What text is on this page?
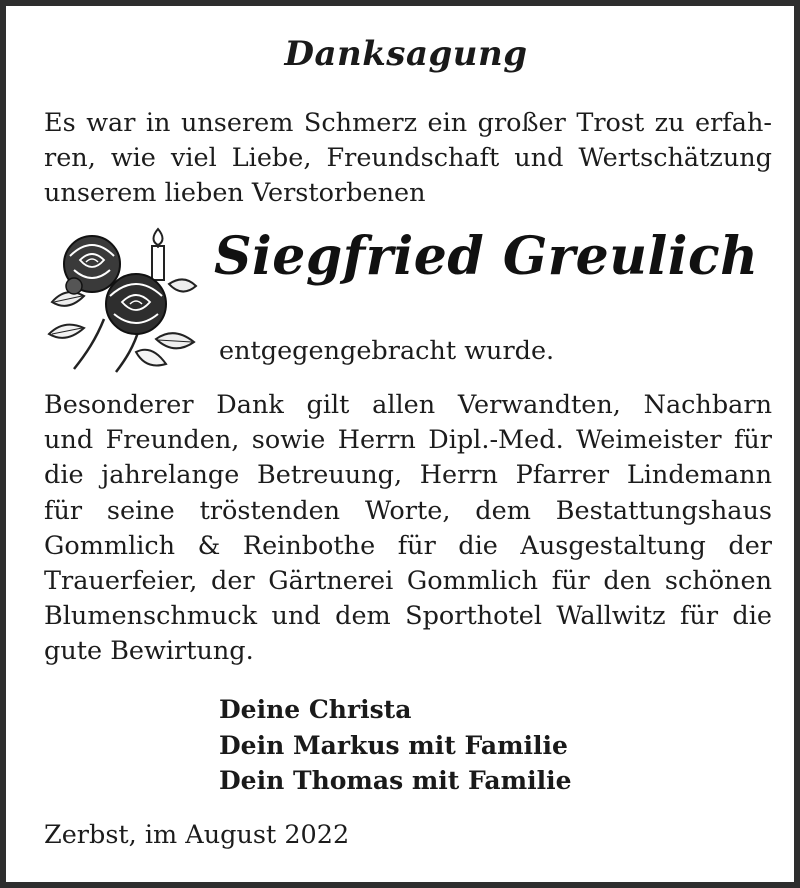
Danksagung
Es war in unserem Schmerz ein großer Trost zu erfah-
ren, wie viel Liebe, Freundschaft und Wertschätzung
unserem lieben Verstorbenen
Siegfried Greulich
entgegengebracht wurde.
Besonderer Dank gilt allen Verwandten, Nachbarn
und Freunden, sowie Herrn Dipl.-Med. Weimeister für
die jahrelange Betreuung, Herrn Pfarrer Lindemann
für seine tröstenden Worte, dem Bestattungshaus
Gommlich & Reinbothe für die Ausgestaltung der
Trauerfeier, der Gärtnerei Gommlich für den schönen
Blumenschmuck und dem Sporthotel Wallwitz für die
gute Bewirtung.
Deine Christa
Dein Markus mit Familie
Dein Thomas mit Familie
Zerbst, im August 2022
